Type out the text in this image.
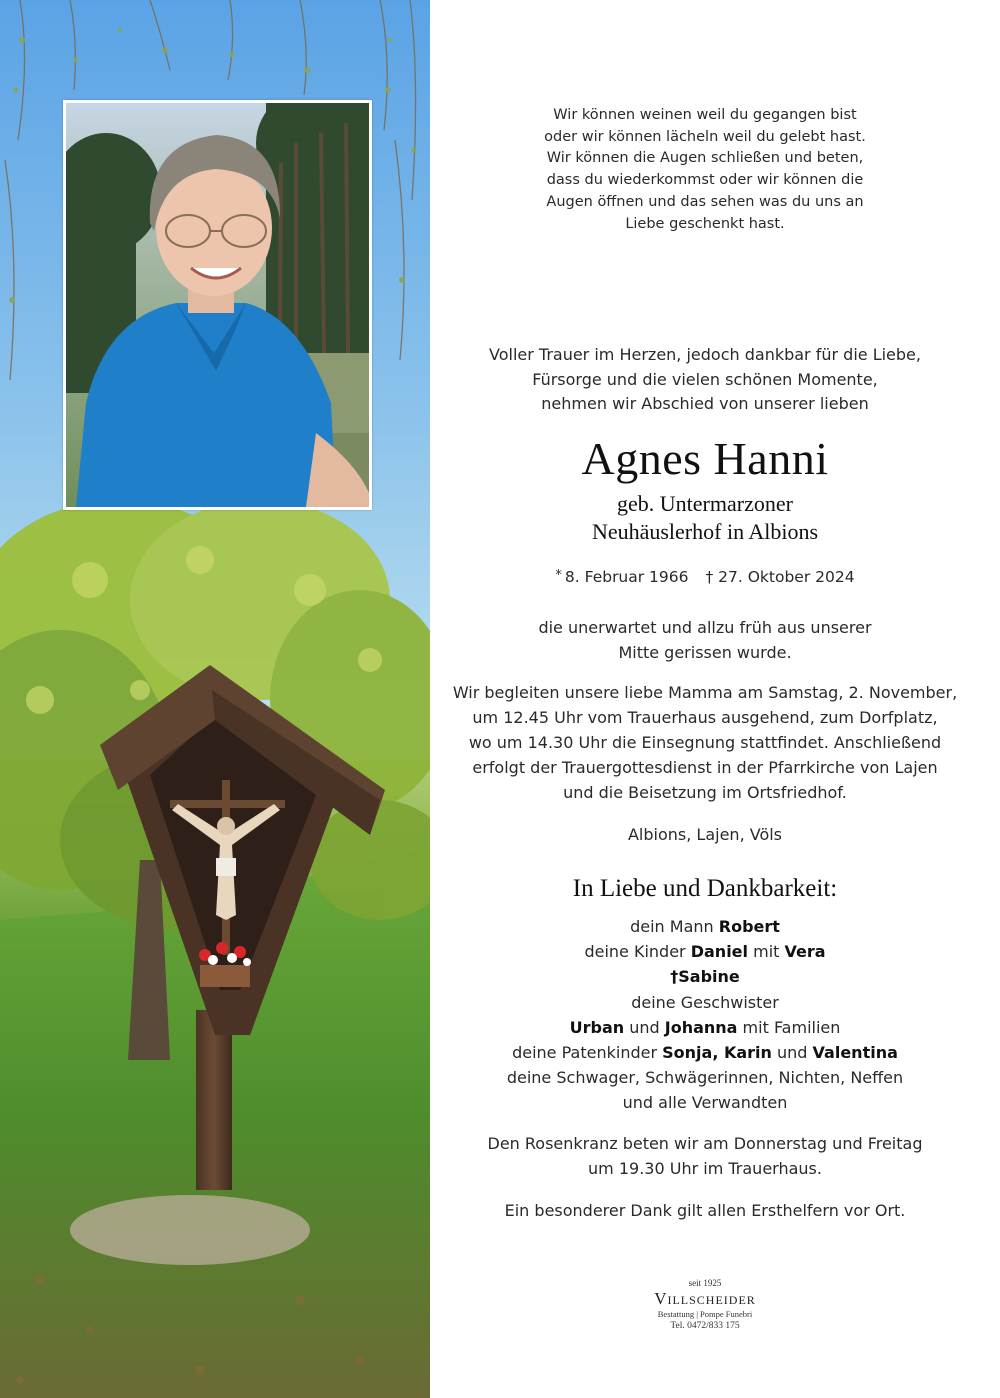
Wir können weinen weil du gegangen bist
oder wir können lächeln weil du gelebt hast.
Wir können die Augen schließen und beten,
dass du wiederkommst oder wir können die
Augen öffnen und das sehen was du uns an
Liebe geschenkt hast.
Voller Trauer im Herzen, jedoch dankbar für die Liebe,
Fürsorge und die vielen schönen Momente,
nehmen wir Abschied von unserer lieben
Agnes Hanni
geb. Untermarzoner
Neuhäuslerhof in Albions
* 8. Februar 1966 † 27. Oktober 2024
die unerwartet und allzu früh aus unserer
Mitte gerissen wurde.
Wir begleiten unsere liebe Mamma am Samstag, 2. November,
um 12.45 Uhr vom Trauerhaus ausgehend, zum Dorfplatz,
wo um 14.30 Uhr die Einsegnung stattfindet. Anschließend
erfolgt der Trauergottesdienst in der Pfarrkirche von Lajen
und die Beisetzung im Ortsfriedhof.
Albions, Lajen, Völs
In Liebe und Dankbarkeit:
dein Mann Robert
deine Kinder Daniel mit Vera
†Sabine
deine Geschwister
Urban und Johanna mit Familien
deine Patenkinder Sonja, Karin und Valentina
deine Schwager, Schwägerinnen, Nichten, Neffen
und alle Verwandten
Den Rosenkranz beten wir am Donnerstag und Freitag
um 19.30 Uhr im Trauerhaus.
Ein besonderer Dank gilt allen Ersthelfern vor Ort.
seit 1925
Villscheider
Bestattung | Pompe Funebri
Tel. 0472/833 175
